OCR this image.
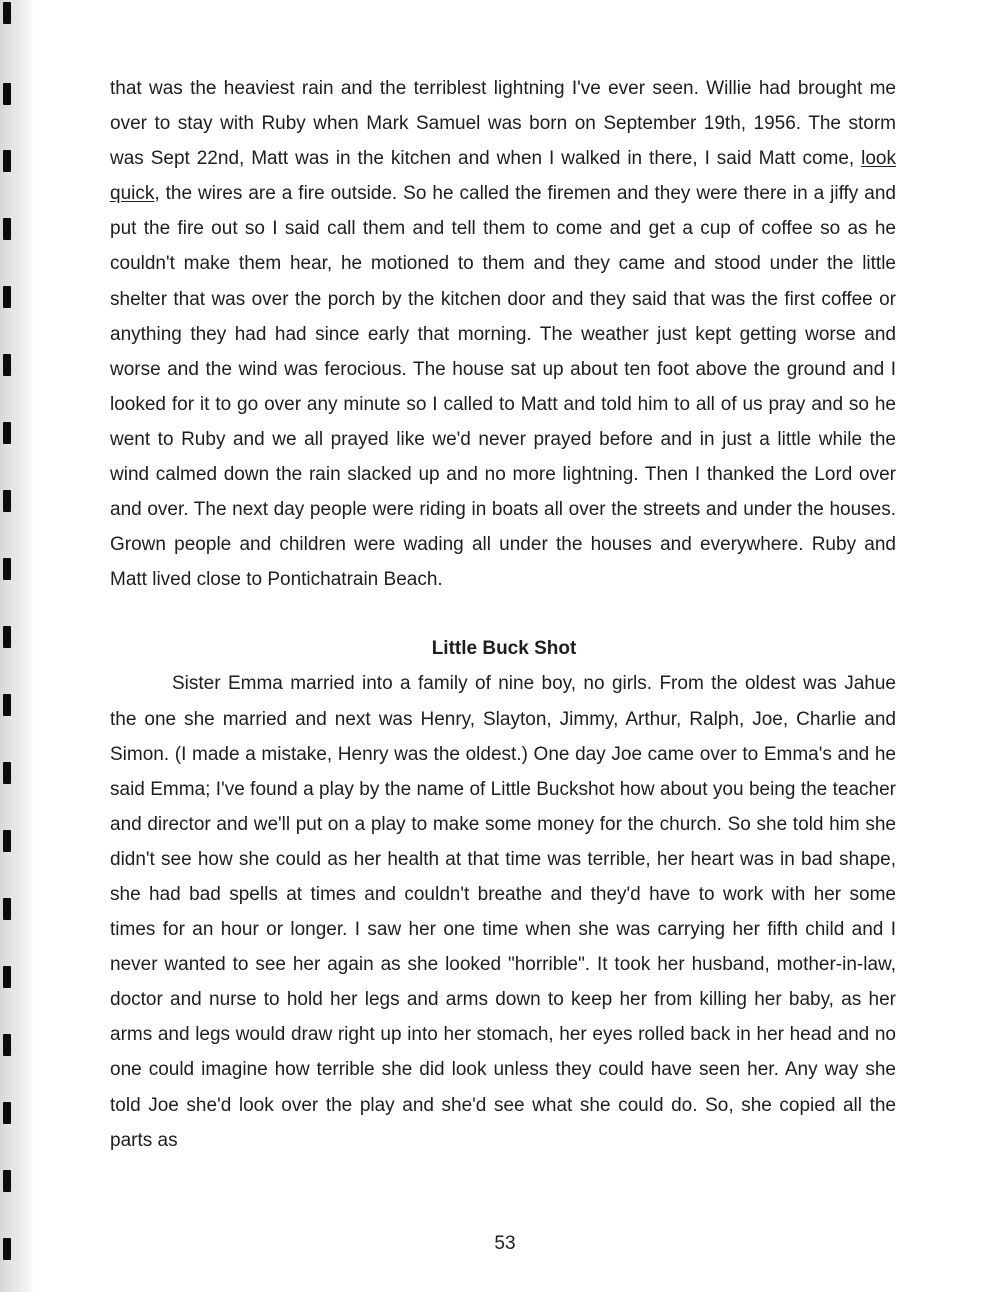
that was the heaviest rain and the terriblest lightning I've ever seen. Willie had brought me over to stay with Ruby when Mark Samuel was born on September 19th, 1956. The storm was Sept 22nd, Matt was in the kitchen and when I walked in there, I said Matt come, look quick, the wires are a fire outside. So he called the firemen and they were there in a jiffy and put the fire out so I said call them and tell them to come and get a cup of coffee so as he couldn't make them hear, he motioned to them and they came and stood under the little shelter that was over the porch by the kitchen door and they said that was the first coffee or anything they had had since early that morning. The weather just kept getting worse and worse and the wind was ferocious. The house sat up about ten foot above the ground and I looked for it to go over any minute so I called to Matt and told him to all of us pray and so he went to Ruby and we all prayed like we'd never prayed before and in just a little while the wind calmed down the rain slacked up and no more lightning. Then I thanked the Lord over and over. The next day people were riding in boats all over the streets and under the houses. Grown people and children were wading all under the houses and everywhere. Ruby and Matt lived close to Pontichatrain Beach.

Little Buck Shot

Sister Emma married into a family of nine boy, no girls. From the oldest was Jahue the one she married and next was Henry, Slayton, Jimmy, Arthur, Ralph, Joe, Charlie and Simon. (I made a mistake, Henry was the oldest.) One day Joe came over to Emma's and he said Emma; I've found a play by the name of Little Buckshot how about you being the teacher and director and we'll put on a play to make some money for the church. So she told him she didn't see how she could as her health at that time was terrible, her heart was in bad shape, she had bad spells at times and couldn't breathe and they'd have to work with her some times for an hour or longer. I saw her one time when she was carrying her fifth child and I never wanted to see her again as she looked "horrible". It took her husband, mother-in-law, doctor and nurse to hold her legs and arms down to keep her from killing her baby, as her arms and legs would draw right up into her stomach, her eyes rolled back in her head and no one could imagine how terrible she did look unless they could have seen her. Any way she told Joe she'd look over the play and she'd see what she could do. So, she copied all the parts as

53
